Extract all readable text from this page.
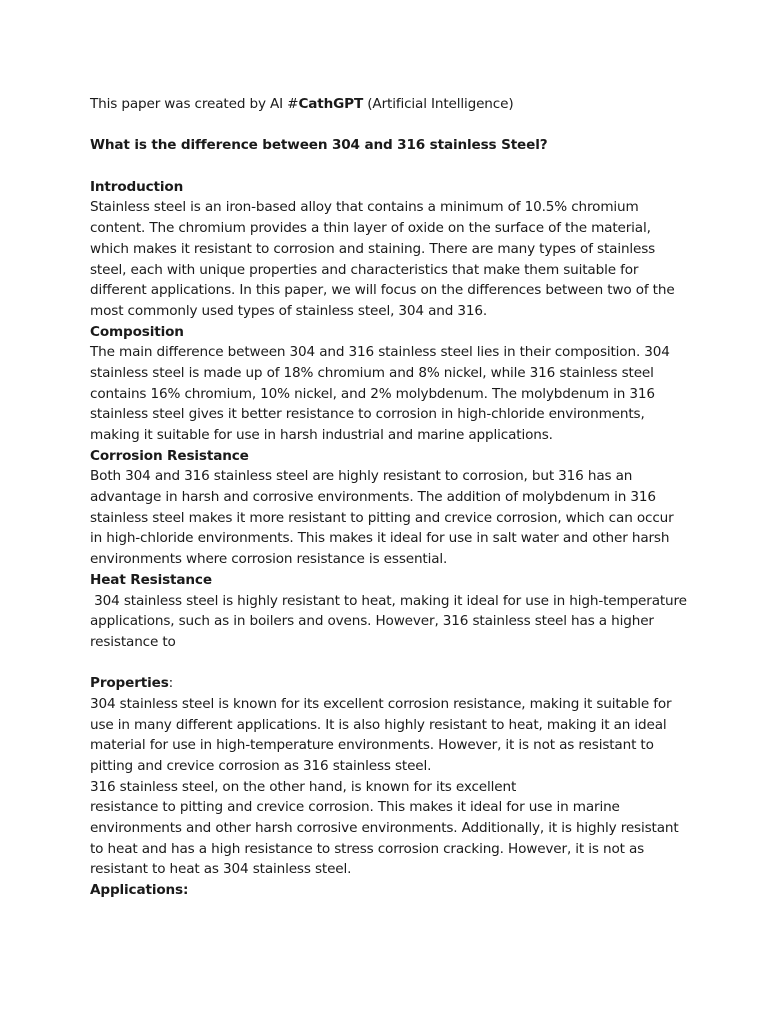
This paper was created by AI #CathGPT (Artificial Intelligence)
What is the difference between 304 and 316 stainless Steel?
Introduction
Stainless steel is an iron-based alloy that contains a minimum of 10.5% chromium
content. The chromium provides a thin layer of oxide on the surface of the material,
which makes it resistant to corrosion and staining. There are many types of stainless
steel, each with unique properties and characteristics that make them suitable for
different applications. In this paper, we will focus on the differences between two of the
most commonly used types of stainless steel, 304 and 316.
Composition
The main difference between 304 and 316 stainless steel lies in their composition. 304
stainless steel is made up of 18% chromium and 8% nickel, while 316 stainless steel
contains 16% chromium, 10% nickel, and 2% molybdenum. The molybdenum in 316
stainless steel gives it better resistance to corrosion in high-chloride environments,
making it suitable for use in harsh industrial and marine applications.
Corrosion Resistance
Both 304 and 316 stainless steel are highly resistant to corrosion, but 316 has an
advantage in harsh and corrosive environments. The addition of molybdenum in 316
stainless steel makes it more resistant to pitting and crevice corrosion, which can occur
in high-chloride environments. This makes it ideal for use in salt water and other harsh
environments where corrosion resistance is essential.
Heat Resistance
304 stainless steel is highly resistant to heat, making it ideal for use in high-temperature
applications, such as in boilers and ovens. However, 316 stainless steel has a higher
resistance to
Properties:
304 stainless steel is known for its excellent corrosion resistance, making it suitable for
use in many different applications. It is also highly resistant to heat, making it an ideal
material for use in high-temperature environments. However, it is not as resistant to
pitting and crevice corrosion as 316 stainless steel.
316 stainless steel, on the other hand, is known for its excellent
resistance to pitting and crevice corrosion. This makes it ideal for use in marine
environments and other harsh corrosive environments. Additionally, it is highly resistant
to heat and has a high resistance to stress corrosion cracking. However, it is not as
resistant to heat as 304 stainless steel.
Applications:
